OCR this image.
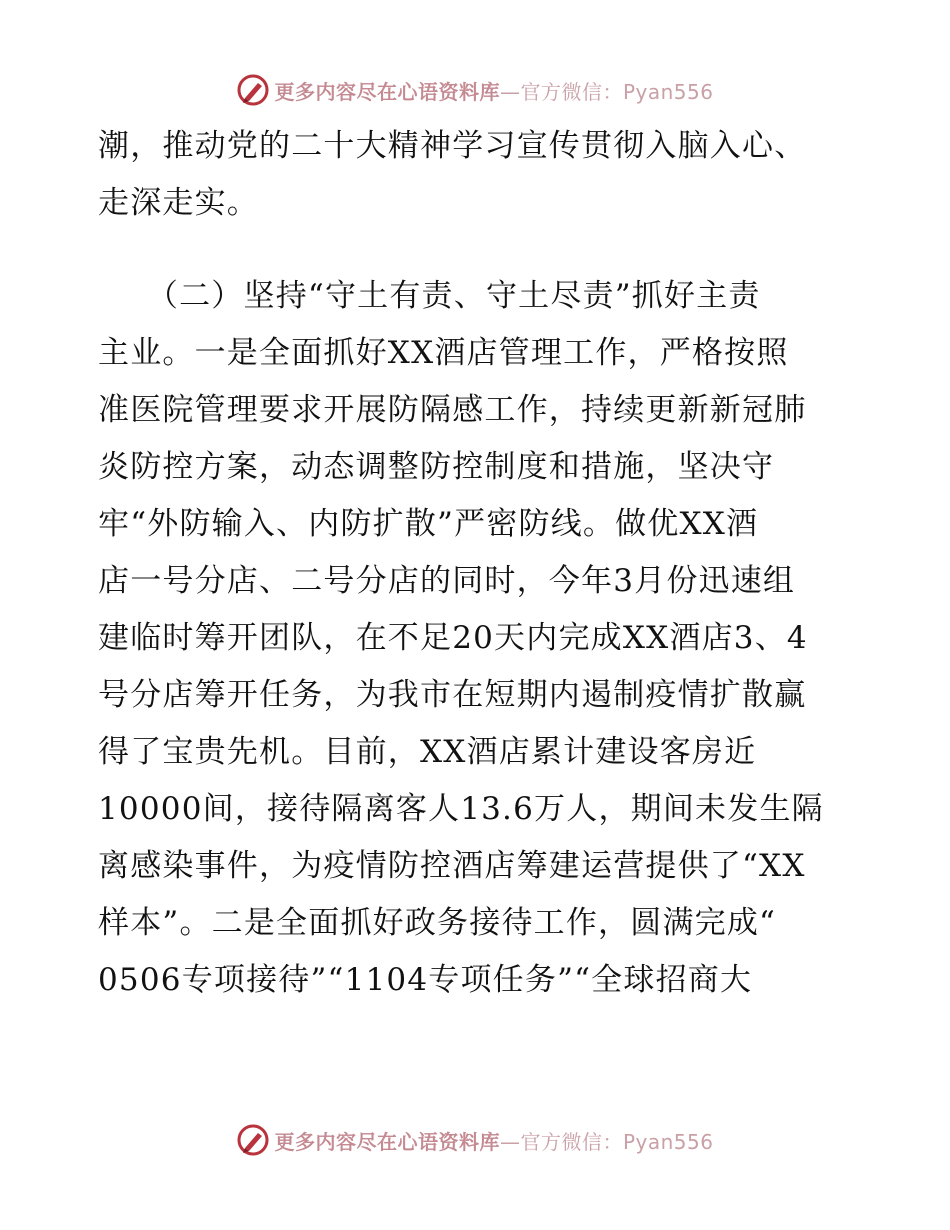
更多内容尽在心语资料库—官方微信：Pyan556
潮，推动党的二十大精神学习宣传贯彻入脑入心、
走深走实。
　　（二）坚持“守土有责、守土尽责”抓好主责
主业。一是全面抓好XX酒店管理工作，严格按照
准医院管理要求开展防隔感工作，持续更新新冠肺
炎防控方案，动态调整防控制度和措施，坚决守
牢“外防输入、内防扩散”严密防线。做优XX酒
店一号分店、二号分店的同时，今年3月份迅速组
建临时筹开团队，在不足20天内完成XX酒店3、4
号分店筹开任务，为我市在短期内遏制疫情扩散赢
得了宝贵先机。目前，XX酒店累计建设客房近
10000间，接待隔离客人13.6万人，期间未发生隔
离感染事件，为疫情防控酒店筹建运营提供了“XX
样本”。二是全面抓好政务接待工作，圆满完成“
0506专项接待”“1104专项任务”“全球招商大
更多内容尽在心语资料库—官方微信：Pyan556
